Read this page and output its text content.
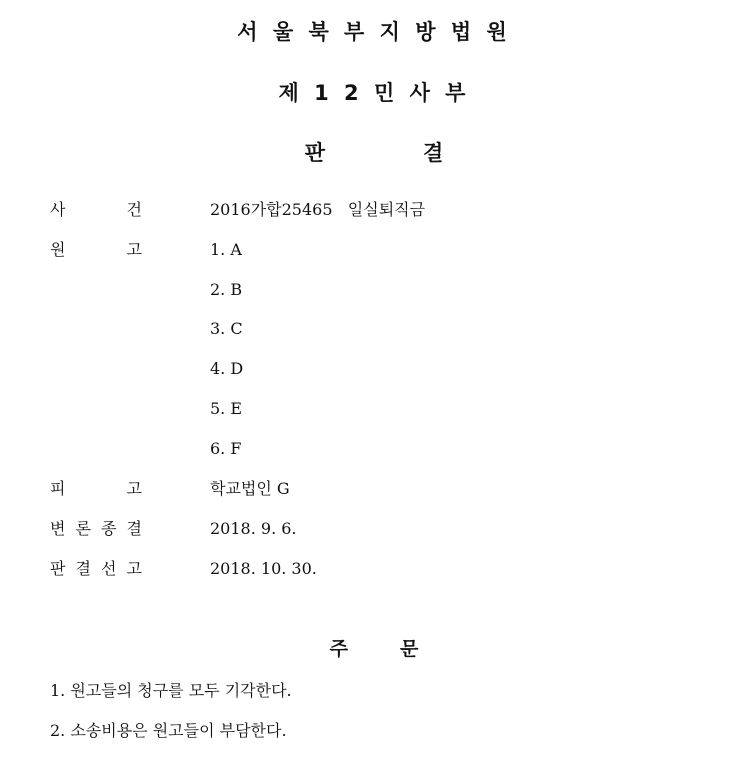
서 울 북 부 지 방 법 원
제 1 2 민 사 부
판	결
사	건	2016가합25465   일실퇴직금
원	고	1. A
2. B
3. C
4. D
5. E
6. F
피	고	학교법인 G
변 론 종 결	2018. 9. 6.
판 결 선 고	2018. 10. 30.
주	문
1. 원고들의 청구를 모두 기각한다.
2. 소송비용은 원고들이 부담한다.
